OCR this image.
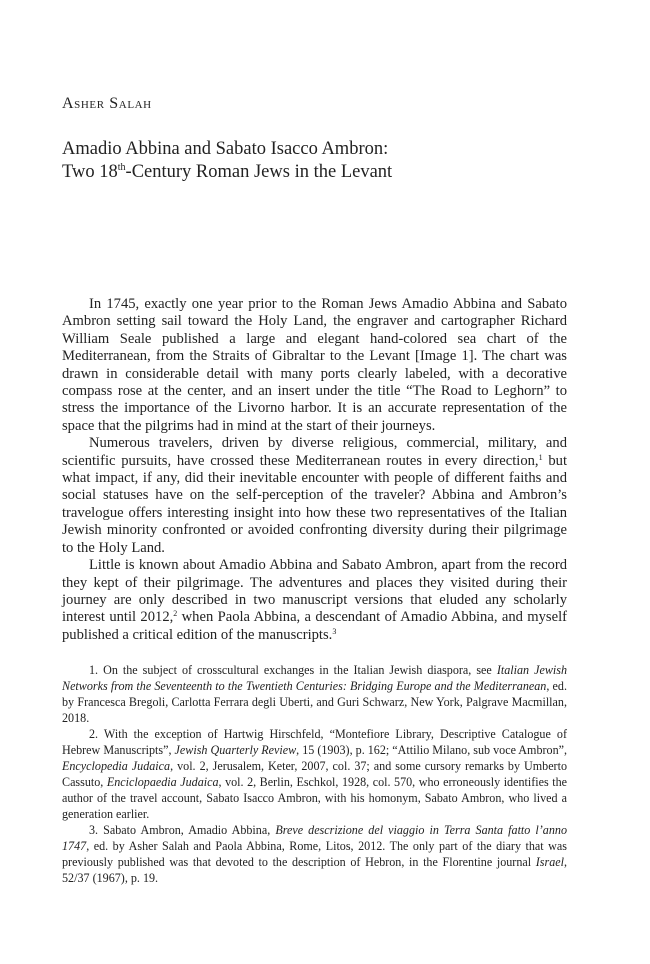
Asher Salah
Amadio Abbina and Sabato Isacco Ambron:
Two 18th-Century Roman Jews in the Levant

In 1745, exactly one year prior to the Roman Jews Amadio Abbina and Sabato Ambron setting sail toward the Holy Land, the engraver and cartographer Richard William Seale published a large and elegant hand-colored sea chart of the Mediterranean, from the Straits of Gibraltar to the Levant [Image 1]. The chart was drawn in considerable detail with many ports clearly labeled, with a decorative compass rose at the center, and an insert under the title “The Road to Leghorn” to stress the importance of the Livorno harbor. It is an accurate representation of the space that the pilgrims had in mind at the start of their journeys.

Numerous travelers, driven by diverse religious, commercial, military, and scientific pursuits, have crossed these Mediterranean routes in every direction,$^1$ but what impact, if any, did their inevitable encounter with people of different faiths and social statuses have on the self-perception of the traveler? Abbina and Ambron’s travelogue offers interesting insight into how these two representatives of the Italian Jewish minority confronted or avoided confronting diversity during their pilgrimage to the Holy Land.

Little is known about Amadio Abbina and Sabato Ambron, apart from the record they kept of their pilgrimage. The adventures and places they visited during their journey are only described in two manuscript versions that eluded any scholarly interest until 2012,$^2$ when Paola Abbina, a descendant of Amadio Abbina, and myself published a critical edition of the manuscripts.$^3$

1. On the subject of crosscultural exchanges in the Italian Jewish diaspora, see Italian Jewish Networks from the Seventeenth to the Twentieth Centuries: Bridging Europe and the Mediterranean, ed. by Francesca Bregoli, Carlotta Ferrara degli Uberti, and Guri Schwarz, New York, Palgrave Macmillan, 2018.

2. With the exception of Hartwig Hirschfeld, “Montefiore Library, Descriptive Catalogue of Hebrew Manuscripts”, Jewish Quarterly Review, 15 (1903), p. 162; “Attilio Milano, sub voce Ambron”, Encyclopedia Judaica, vol. 2, Jerusalem, Keter, 2007, col. 37; and some cursory remarks by Umberto Cassuto, Enciclopaedia Judaica, vol. 2, Berlin, Eschkol, 1928, col. 570, who erroneously identifies the author of the travel account, Sabato Isacco Ambron, with his homonym, Sabato Ambron, who lived a generation earlier.

3. Sabato Ambron, Amadio Abbina, Breve descrizione del viaggio in Terra Santa fatto l’anno 1747, ed. by Asher Salah and Paola Abbina, Rome, Litos, 2012. The only part of the diary that was previously published was that devoted to the description of Hebron, in the Florentine journal Israel, 52/37 (1967), p. 19.
